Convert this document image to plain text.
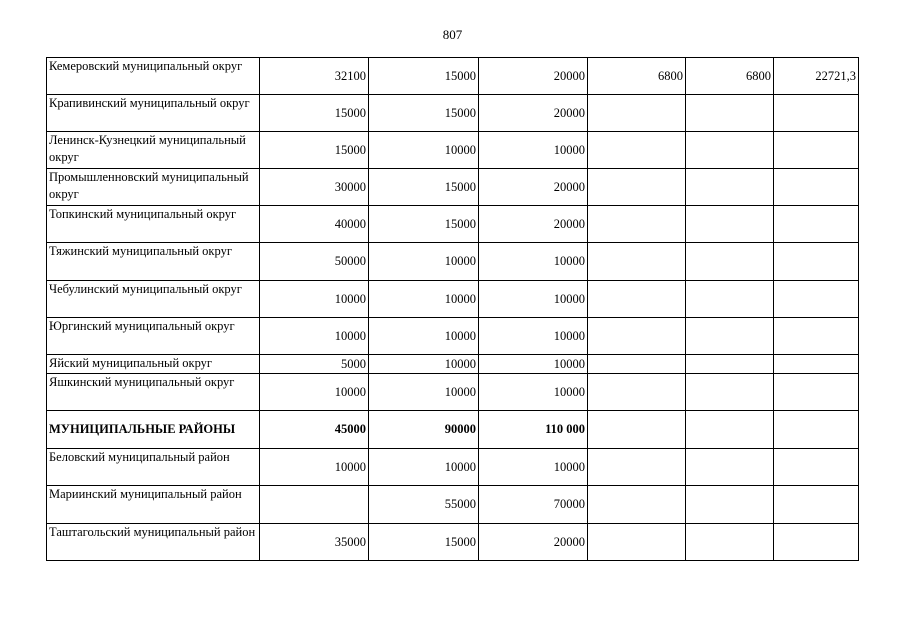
807
Кемеровский муниципальный округ	32100	15000	20000	6800	6800	22721,3
Крапивинский муниципальный округ	15000	15000	20000			
Ленинск-Кузнецкий муниципальный округ	15000	10000	10000			
Промышленновский муниципальный округ	30000	15000	20000			
Топкинский муниципальный округ	40000	15000	20000			
Тяжинский муниципальный округ	50000	10000	10000			
Чебулинский муниципальный округ	10000	10000	10000			
Юргинский муниципальный округ	10000	10000	10000			
Яйский муниципальный округ	5000	10000	10000			
Яшкинский муниципальный округ	10000	10000	10000			
МУНИЦИПАЛЬНЫЕ РАЙОНЫ	45000	90000	110 000			
Беловский муниципальный район	10000	10000	10000			
Мариинский муниципальный район		55000	70000			
Таштагольский муниципальный район	35000	15000	20000			
